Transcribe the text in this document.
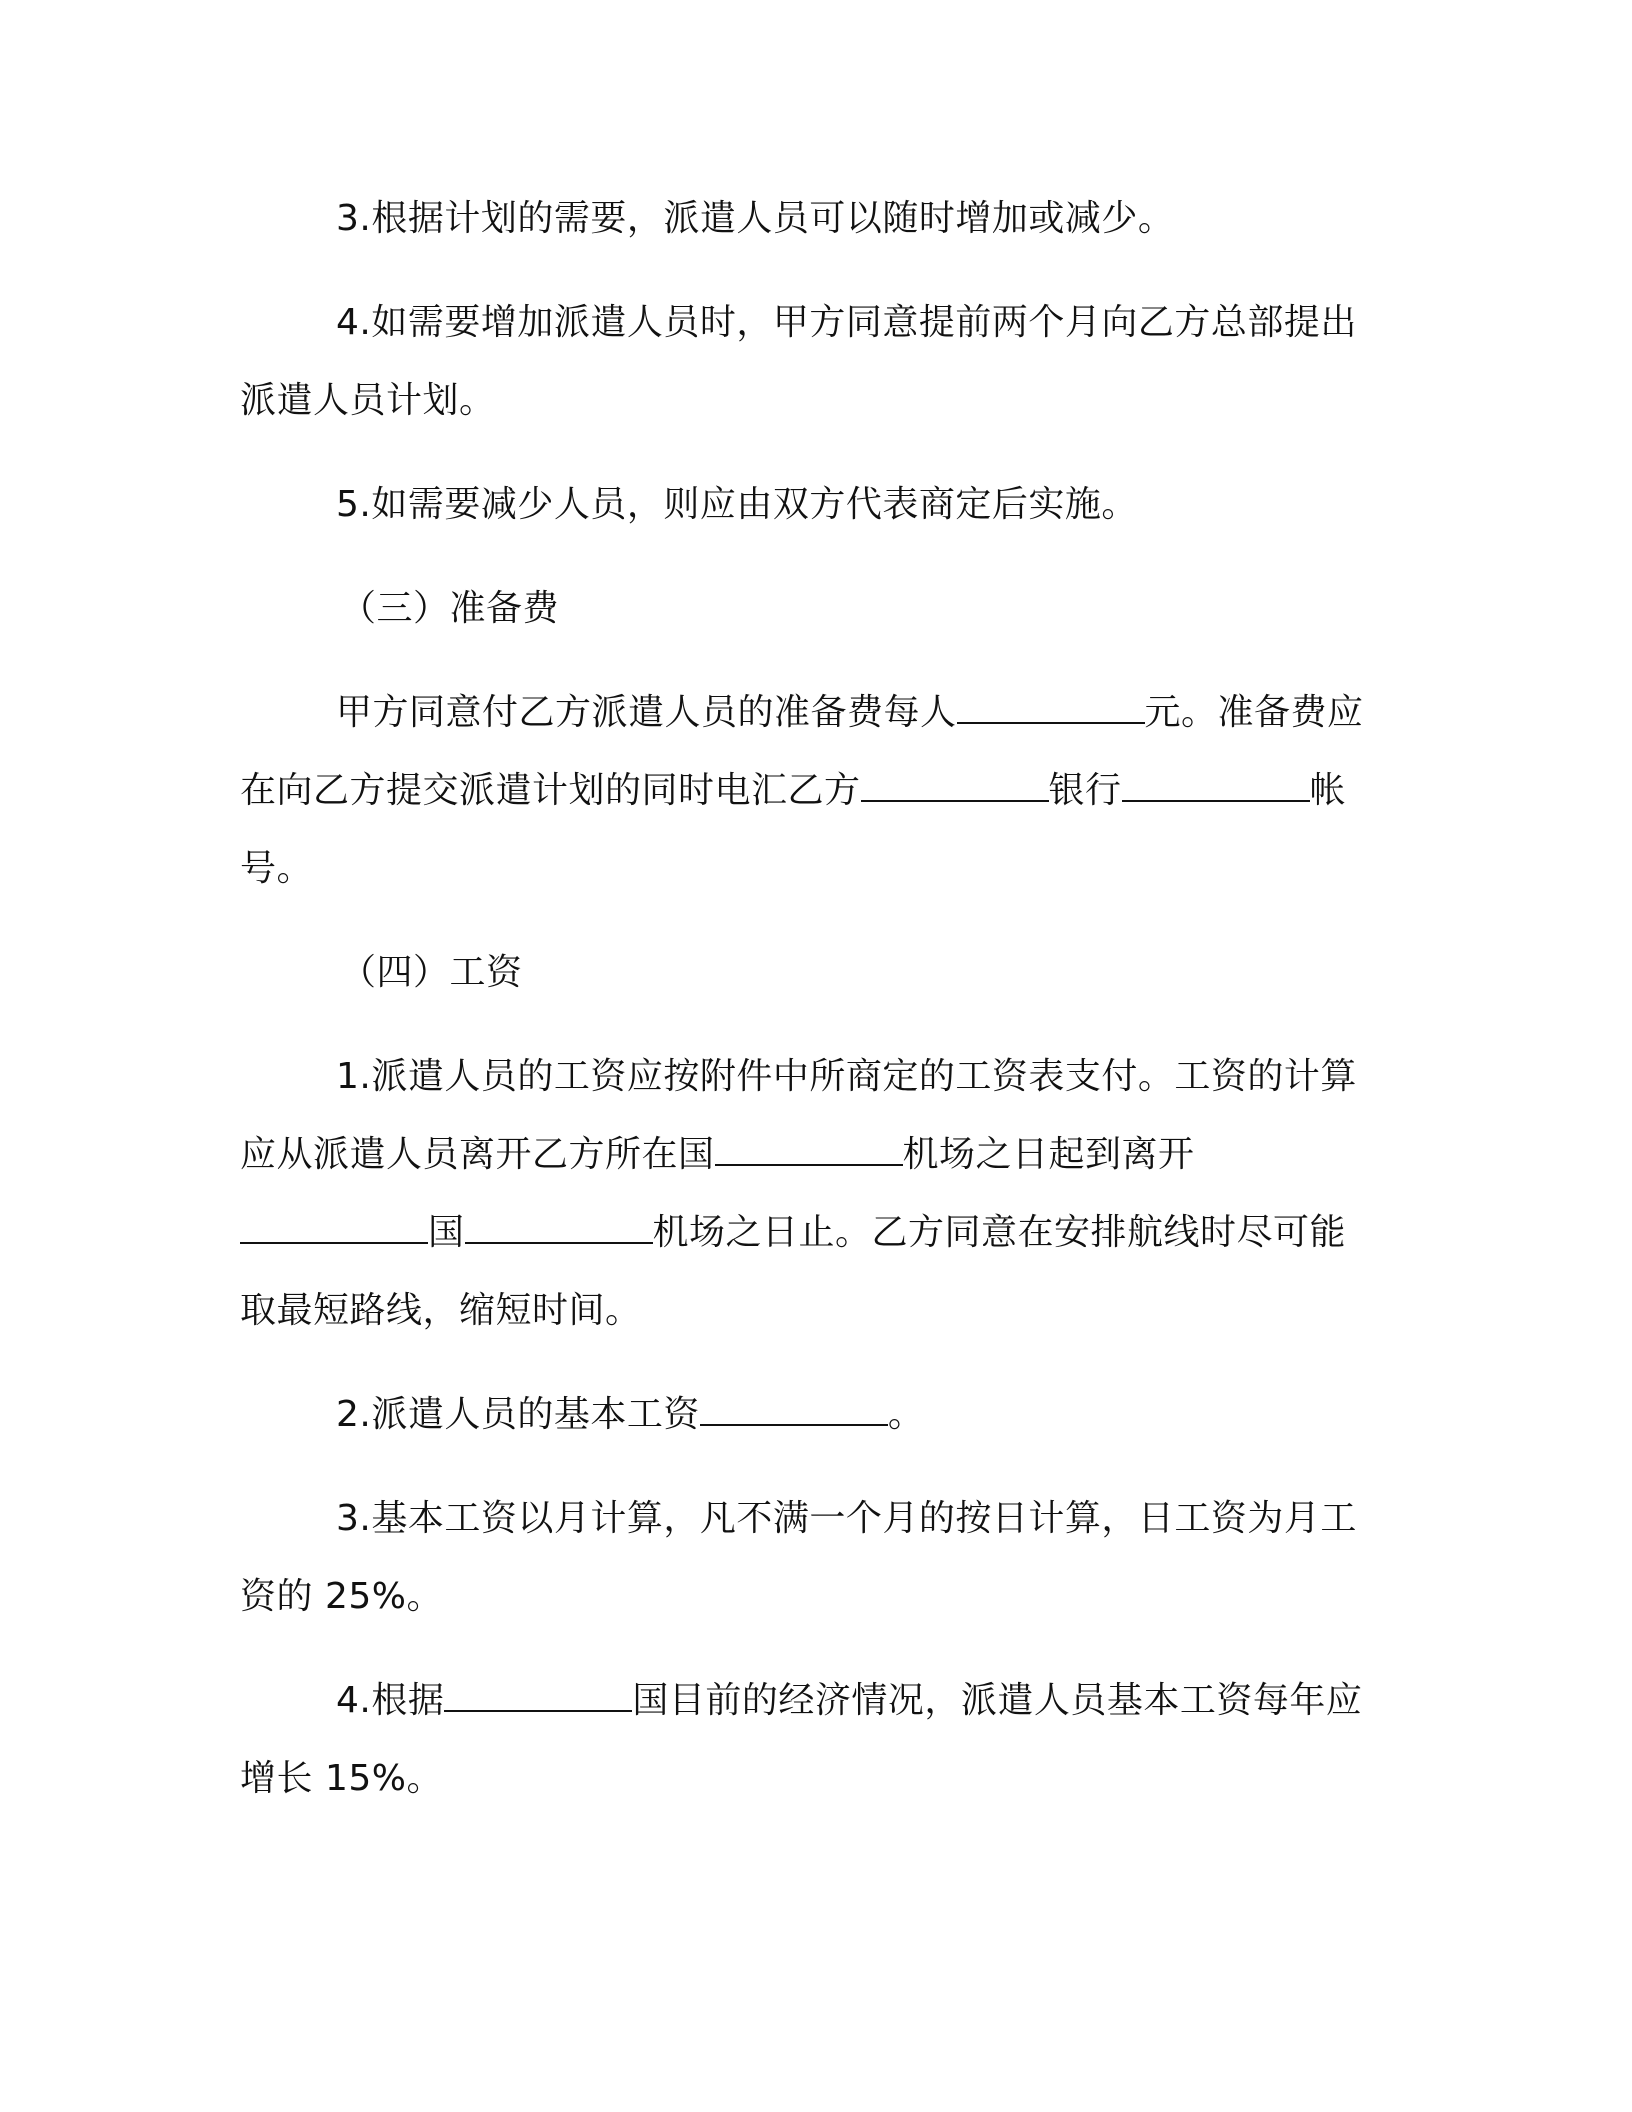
3.根据计划的需要，派遣人员可以随时增加或减少。

4.如需要增加派遣人员时，甲方同意提前两个月向乙方总部提出派遣人员计划。

5.如需要减少人员，则应由双方代表商定后实施。

（三）准备费

甲方同意付乙方派遣人员的准备费每人	元。准备费应在向乙方提交派遣计划的同时电汇乙方	银行	帐号。

（四）工资

1.派遣人员的工资应按附件中所商定的工资表支付。工资的计算应从派遣人员离开乙方所在国	机场之日起到离开
国	机场之日止。乙方同意在安排航线时尽可能取最短路线，缩短时间。

2.派遣人员的基本工资	。

3.基本工资以月计算，凡不满一个月的按日计算，日工资为月工资的 25%。

4.根据	国目前的经济情况，派遣人员基本工资每年应增长 15%。
